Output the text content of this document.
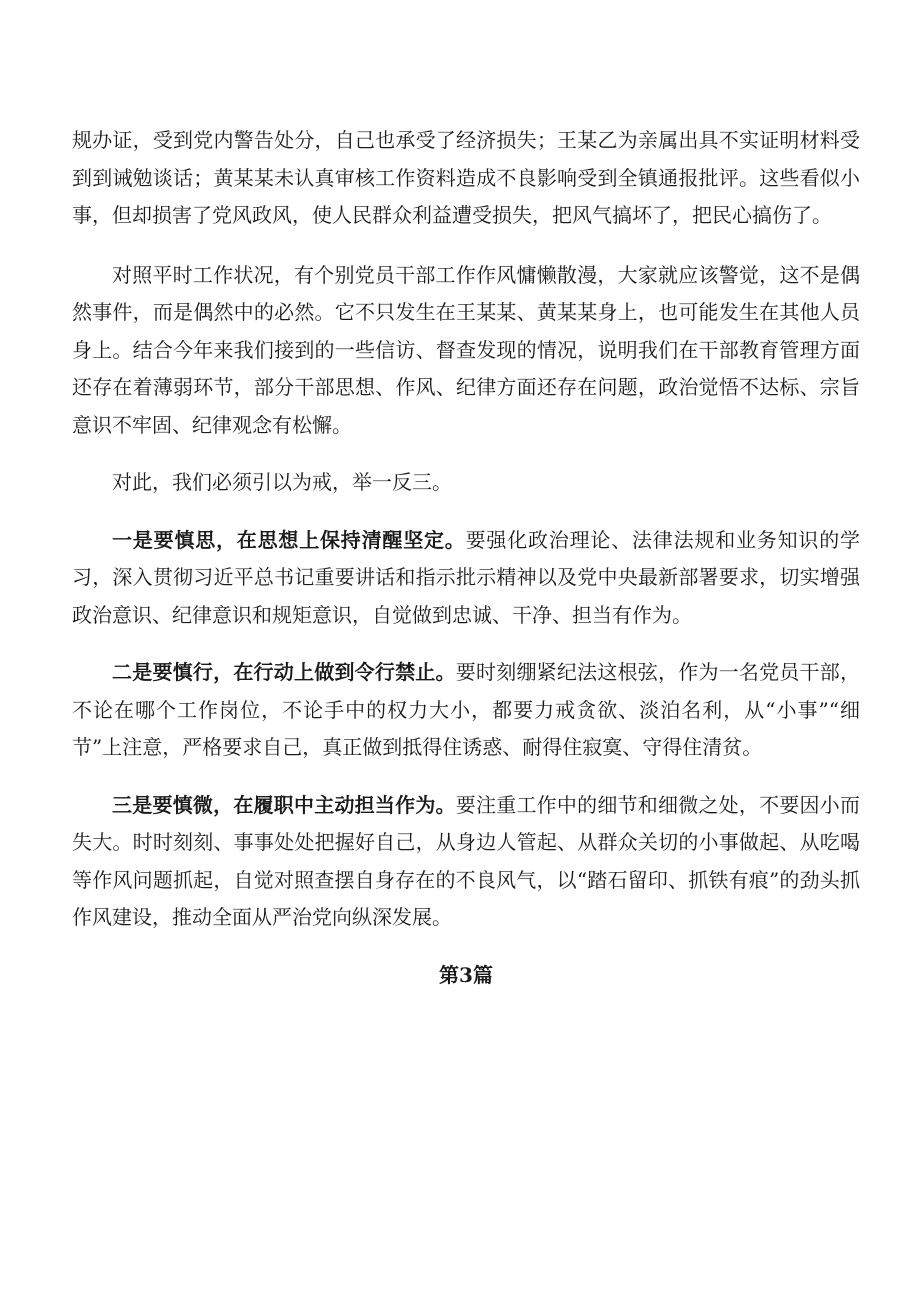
规办证，受到党内警告处分，自己也承受了经济损失；王某乙为亲属出具不实证明材料受到到诫勉谈话；黄某某未认真审核工作资料造成不良影响受到全镇通报批评。这些看似小事，但却损害了党风政风，使人民群众利益遭受损失，把风气搞坏了，把民心搞伤了。

对照平时工作状况，有个别党员干部工作作风慵懒散漫，大家就应该警觉，这不是偶然事件，而是偶然中的必然。它不只发生在王某某、黄某某身上，也可能发生在其他人员身上。结合今年来我们接到的一些信访、督查发现的情况，说明我们在干部教育管理方面还存在着薄弱环节，部分干部思想、作风、纪律方面还存在问题，政治觉悟不达标、宗旨意识不牢固、纪律观念有松懈。

对此，我们必须引以为戒，举一反三。

一是要慎思，在思想上保持清醒坚定。要强化政治理论、法律法规和业务知识的学习，深入贯彻习近平总书记重要讲话和指示批示精神以及党中央最新部署要求，切实增强政治意识、纪律意识和规矩意识，自觉做到忠诚、干净、担当有作为。

二是要慎行，在行动上做到令行禁止。要时刻绷紧纪法这根弦，作为一名党员干部，不论在哪个工作岗位，不论手中的权力大小，都要力戒贪欲、淡泊名利，从“小事”“细节”上注意，严格要求自己，真正做到抵得住诱惑、耐得住寂寞、守得住清贫。

三是要慎微，在履职中主动担当作为。要注重工作中的细节和细微之处，不要因小而失大。时时刻刻、事事处处把握好自己，从身边人管起、从群众关切的小事做起、从吃喝等作风问题抓起，自觉对照查摆自身存在的不良风气，以“踏石留印、抓铁有痕”的劲头抓作风建设，推动全面从严治党向纵深发展。

第3篇
